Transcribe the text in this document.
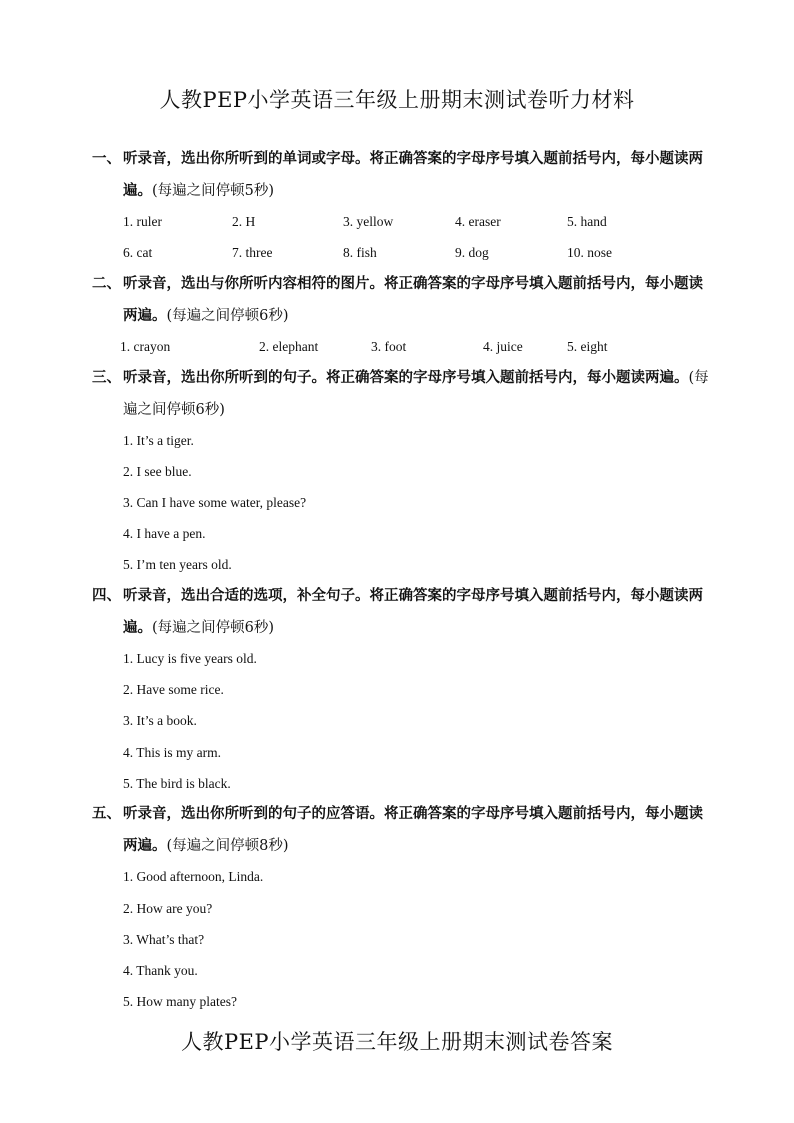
人教PEP小学英语三年级上册期末测试卷听力材料
一、 听录音，选出你所听到的单词或字母。将正确答案的字母序号填入题前括号内，每小题读两遍。(每遍之间停顿5秒)
1. ruler	2. H	3. yellow	4. eraser	5. hand
6. cat	7. three	8. fish	9. dog	10. nose
二、 听录音，选出与你所听内容相符的图片。将正确答案的字母序号填入题前括号内，每小题读两遍。(每遍之间停顿6秒)
1. crayon	2. elephant	3. foot	4. juice	5. eight
三、 听录音，选出你所听到的句子。将正确答案的字母序号填入题前括号内，每小题读两遍。(每遍之间停顿6秒)
1. It’s a tiger.
2. I see blue.
3. Can I have some water, please?
4. I have a pen.
5. I’m ten years old.
四、 听录音，选出合适的选项，补全句子。将正确答案的字母序号填入题前括号内，每小题读两遍。(每遍之间停顿6秒)
1. Lucy is five years old.
2. Have some rice.
3. It’s a book.
4. This is my arm.
5. The bird is black.
五、 听录音，选出你所听到的句子的应答语。将正确答案的字母序号填入题前括号内，每小题读两遍。(每遍之间停顿8秒)
1. Good afternoon, Linda.
2. How are you?
3. What’s that?
4. Thank you.
5. How many plates?
人教PEP小学英语三年级上册期末测试卷答案
